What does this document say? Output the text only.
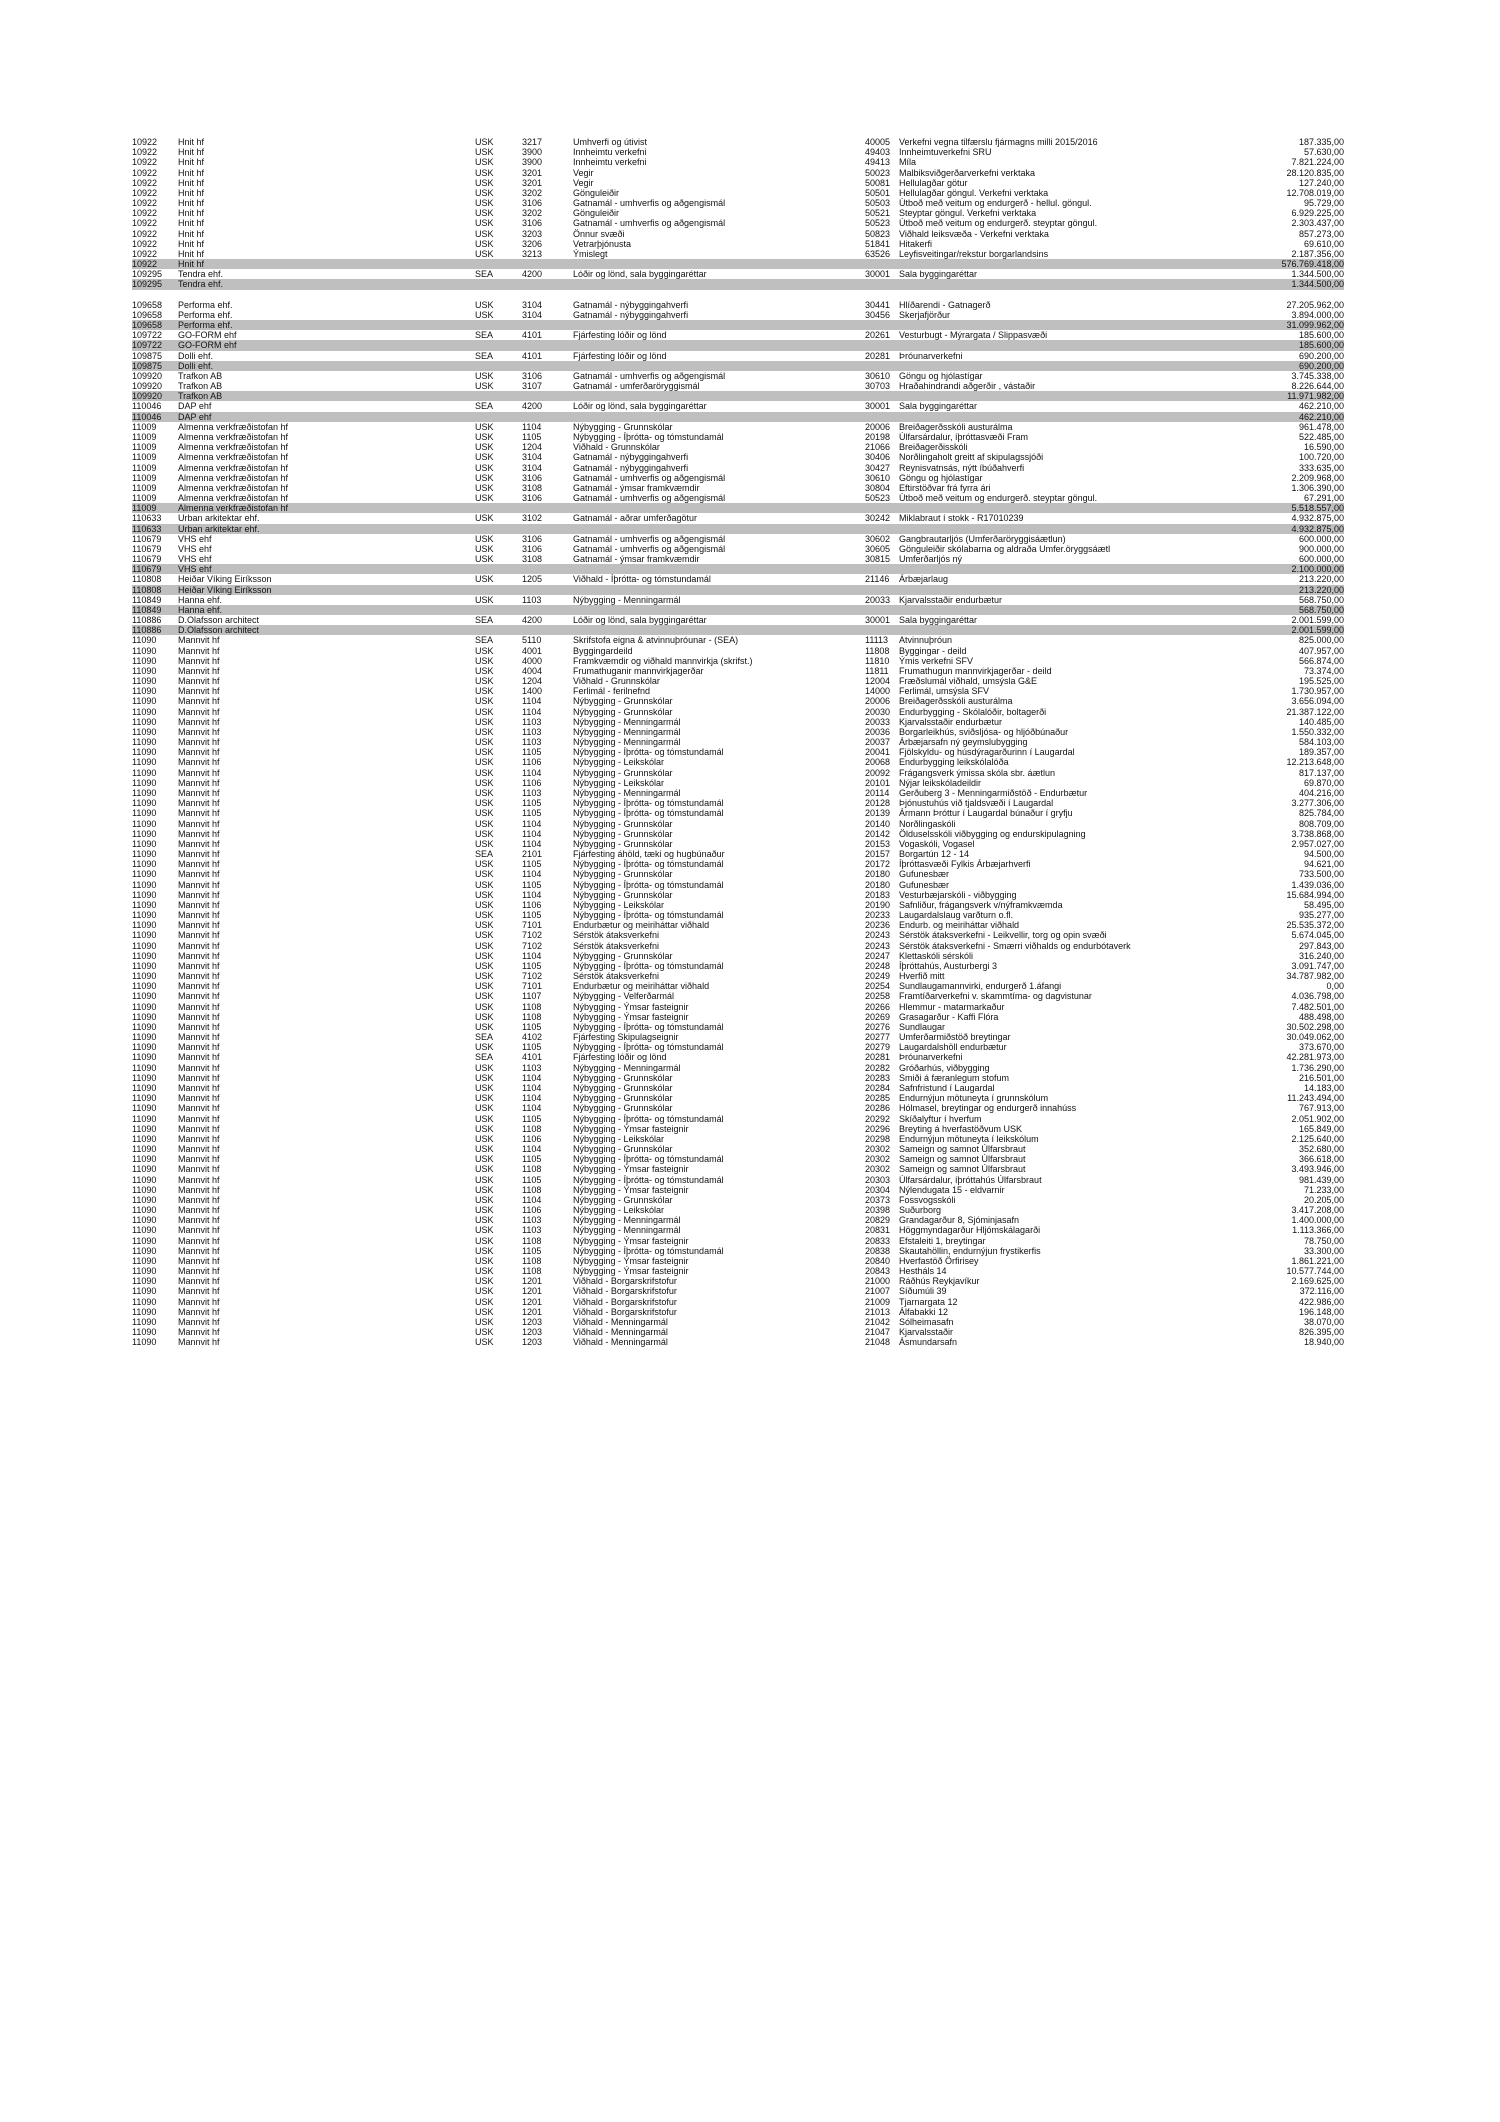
10922	Hnit hf	USK	3217	Umhverfi og útivist	40005 Verkefni vegna tilfærslu fjármagns milli 2015/2016	187.335,00
10922	Hnit hf	USK	3900	Innheimtu verkefni	49403 Innheimtuverkefni SRU	57.630,00
10922	Hnit hf	USK	3900	Innheimtu verkefni	49413 Míla	7.821.224,00
10922	Hnit hf	USK	3201	Vegir	50023 Malbiksviðgerðarverkefni verktaka	28.120.835,00
10922	Hnit hf	USK	3201	Vegir	50081 Hellulagðar götur	127.240,00
10922	Hnit hf	USK	3202	Gönguleiðir	50501 Hellulagðar göngul. Verkefni verktaka	12.708.019,00
10922	Hnit hf	USK	3106	Gatnamál - umhverfis og aðgengismál	50503 Útboð með veitum og endurgerð - hellul. göngul.	95.729,00
10922	Hnit hf	USK	3202	Gönguleiðir	50521 Steyptar göngul. Verkefni verktaka	6.929.225,00
10922	Hnit hf	USK	3106	Gatnamál - umhverfis og aðgengismál	50523 Útboð með veitum og endurgerð. steyptar göngul.	2.303.437,00
10922	Hnit hf	USK	3203	Önnur svæði	50823 Viðhald leiksvæða - Verkefni verktaka	857.273,00
10922	Hnit hf	USK	3206	Vetrarþjónusta	51841 Hitakerfi	69.610,00
10922	Hnit hf	USK	3213	Ýmislegt	63526 Leyfisveitingar/rekstur borgarlandsins	2.187.356,00
10922	Hnit hf	576.769.418,00
109295	Tendra ehf.	SEA	4200	Lóðir og lönd, sala byggingaréttar	30001 Sala byggingaréttar	1.344.500,00
109295	Tendra ehf.	1.344.500,00
109658	Performa ehf.	USK	3104	Gatnamál - nýbyggingahverfi	30441 Hlíðarendi - Gatnagerð	27.205.962,00
109658	Performa ehf.	USK	3104	Gatnamál - nýbyggingahverfi	30456 Skerjafjörður	3.894.000,00
109658	Performa ehf.	31.099.962,00
109722	GO-FORM ehf	SEA	4101	Fjárfesting lóðir og lönd	20261 Vesturbugt - Mýrargata / Slippasvæði	185.600,00
109722	GO-FORM ehf	185.600,00
109875	Dolli ehf.	SEA	4101	Fjárfesting lóðir og lönd	20281 Þróunarverkefni	690.200,00
109875	Dolli ehf.	690.200,00
109920	Trafkon AB	USK	3106	Gatnamál - umhverfis og aðgengismál	30610 Göngu og hjólastígar	3.745.338,00
109920	Trafkon AB	USK	3107	Gatnamál - umferðaröryggismál	30703 Hraðahindrandi aðgerðir , vástaðir	8.226.644,00
109920	Trafkon AB	11.971.982,00
110046	DAP ehf	SEA	4200	Lóðir og lönd, sala byggingaréttar	30001 Sala byggingaréttar	462.210,00
110046	DAP ehf	462.210,00
11009	Almenna verkfræðistofan hf	USK	1104	Nýbygging - Grunnskólar	20006 Breiðagerðsskóli austurálma	961.478,00
11009	Almenna verkfræðistofan hf	USK	1105	Nýbygging - Íþrótta- og tómstundamál	20198 Úlfarsárdalur, íþróttasvæði Fram	522.485,00
11009	Almenna verkfræðistofan hf	USK	1204	Viðhald - Grunnskólar	21066 Breiðagerðisskóli	16.590,00
11009	Almenna verkfræðistofan hf	USK	3104	Gatnamál - nýbyggingahverfi	30406 Norðlingaholt greitt af skipulagssjóði	100.720,00
11009	Almenna verkfræðistofan hf	USK	3104	Gatnamál - nýbyggingahverfi	30427 Reynisvatnsás, nýtt íbúðahverfi	333.635,00
11009	Almenna verkfræðistofan hf	USK	3106	Gatnamál - umhverfis og aðgengismál	30610 Göngu og hjólastígar	2.209.968,00
11009	Almenna verkfræðistofan hf	USK	3108	Gatnamál - ýmsar framkvæmdir	30804 Eftirstöðvar frá fyrra ári	1.306.390,00
11009	Almenna verkfræðistofan hf	USK	3106	Gatnamál - umhverfis og aðgengismál	50523 Útboð með veitum og endurgerð. steyptar göngul.	67.291,00
11009	Almenna verkfræðistofan hf	5.518.557,00
110633	Urban arkitektar ehf.	USK	3102	Gatnamál - aðrar umferðagötur	30242 Miklabraut í stokk - R17010239	4.932.875,00
110633	Urban arkitektar ehf.	4.932.875,00
110679	VHS ehf	USK	3106	Gatnamál - umhverfis og aðgengismál	30602 Gangbrautarljós (Umferðaröryggisáætlun)	600.000,00
110679	VHS ehf	USK	3106	Gatnamál - umhverfis og aðgengismál	30605 Gönguleiðir skólabarna og aldraða Umfer.öryggsáætl	900.000,00
110679	VHS ehf	USK	3108	Gatnamál - ýmsar framkvæmdir	30815 Umferðarljós ný	600.000,00
110679	VHS ehf	2.100.000,00
110808	Heiðar Víking Eiríksson	USK	1205	Viðhald - Íþrótta- og tómstundamál	21146	Árbæjarlaug	213.220,00
110808	Heiðar Víking Eiríksson	213.220,00
110849	Hanna ehf.	USK	1103	Nýbygging - Menningarmál	20033 Kjarvalsstaðir endurbætur	568.750,00
110849	Hanna ehf.	568.750,00
110886	D.Olafsson architect	SEA	4200	Lóðir og lönd, sala byggingaréttar	30001 Sala byggingaréttar	2.001.599,00
110886	D.Olafsson architect	2.001.599,00
11090	Mannvit hf	SEA	5110	Skrifstofa eigna & atvinnuþróunar - (SEA)	11113	Atvinnuþróun	825.000,00
11090	Mannvit hf	USK	4001	Byggingardeild	11808	Byggingar - deild	407.957,00
11090	Mannvit hf	USK	4000	Framkvæmdir og viðhald mannvirkja (skrifst.)	11810	Ýmis verkefni SFV	566.874,00
11090	Mannvit hf	USK	4004	Frumathuganir mannvirkjagerðar	11811	Frumathugun mannvirkjagerðar - deild	73.374,00
11090	Mannvit hf	USK	1204	Viðhald - Grunnskólar	12004 Fræðslumál viðhald, umsýsla G&E	195.525,00
11090	Mannvit hf	USK	1400	Ferlimál - ferilnefnd	14000 Ferlimál, umsýsla SFV	1.730.957,00
11090	Mannvit hf	USK	1104	Nýbygging - Grunnskólar	20006 Breiðagerðsskóli austurálma	3.656.094,00
11090	Mannvit hf	USK	1104	Nýbygging - Grunnskólar	20030 Endurbygging - Skólalóðir, boltagerði	21.387.122,00
11090	Mannvit hf	USK	1103	Nýbygging - Menningarmál	20033 Kjarvalsstaðir endurbætur	140.485,00
11090	Mannvit hf	USK	1103	Nýbygging - Menningarmál	20036 Borgarleikhús, sviðsljósa- og hljóðbúnaður	1.550.332,00
11090	Mannvit hf	USK	1103	Nýbygging - Menningarmál	20037 Árbæjarsafn ný geymslubygging	584.103,00
11090	Mannvit hf	USK	1105	Nýbygging - Íþrótta- og tómstundamál	20041 Fjölskyldu- og húsdýragarðurinn í Laugardal	189.357,00
11090	Mannvit hf	USK	1106	Nýbygging - Leikskólar	20068 Endurbygging leikskólalóða	12.213.648,00
11090	Mannvit hf	USK	1104	Nýbygging - Grunnskólar	20092 Frágangsverk ýmissa skóla sbr. áætlun	817.137,00
11090	Mannvit hf	USK	1106	Nýbygging - Leikskólar	20101 Nýjar leikskóladeildir	69.870,00
11090	Mannvit hf	USK	1103	Nýbygging - Menningarmál	20114	Gerðuberg 3 - Menningarmiðstöð - Endurbætur	404.216,00
11090	Mannvit hf	USK	1105	Nýbygging - Íþrótta- og tómstundamál	20128 Þjónustuhús við tjaldsvæði í Laugardal	3.277.306,00
11090	Mannvit hf	USK	1105	Nýbygging - Íþrótta- og tómstundamál	20139 Ármann Þróttur í Laugardal búnaður í gryfju	825.784,00
11090	Mannvit hf	USK	1104	Nýbygging - Grunnskólar	20140 Norðlingaskóli	808.709,00
11090	Mannvit hf	USK	1104	Nýbygging - Grunnskólar	20142 Ölduselsskóli viðbygging og endurskipulagning	3.738.868,00
11090	Mannvit hf	USK	1104	Nýbygging - Grunnskólar	20153 Vogaskóli, Vogasel	2.957.027,00
11090	Mannvit hf	SEA	2101	Fjárfesting áhöld, tæki og hugbúnaður	20157 Borgartún 12 - 14	94.500,00
11090	Mannvit hf	USK	1105	Nýbygging - Íþrótta- og tómstundamál	20172 Íþróttasvæði Fylkis Árbæjarhverfi	94.621,00
11090	Mannvit hf	USK	1104	Nýbygging - Grunnskólar	20180 Gufunesbær	733.500,00
11090	Mannvit hf	USK	1105	Nýbygging - Íþrótta- og tómstundamál	20180 Gufunesbær	1.439.036,00
11090	Mannvit hf	USK	1104	Nýbygging - Grunnskólar	20183 Vesturbæjarskóli - viðbygging	15.684.994,00
11090	Mannvit hf	USK	1106	Nýbygging - Leikskólar	20190 Safnliður, frágangsverk v/nýframkvæmda	58.495,00
11090	Mannvit hf	USK	1105	Nýbygging - Íþrótta- og tómstundamál	20233 Laugardalslaug varðturn o.fl.	935.277,00
11090	Mannvit hf	USK	7101	Endurbætur og meiriháttar viðhald	20236 Endurb. og meiriháttar viðhald	25.535.372,00
11090	Mannvit hf	USK	7102	Sérstök átaksverkefni	20243 Sérstök átaksverkefni - Leikvellir, torg og opin svæði	5.674.045,00
11090	Mannvit hf	USK	7102	Sérstök átaksverkefni	20243 Sérstök átaksverkefni - Smærri viðhalds og endurbótaverk	297.843,00
11090	Mannvit hf	USK	1104	Nýbygging - Grunnskólar	20247 Klettaskóli sérskóli	316.240,00
11090	Mannvit hf	USK	1105	Nýbygging - Íþrótta- og tómstundamál	20248 Íþróttahús, Austurbergi 3	3.091.747,00
11090	Mannvit hf	USK	7102	Sérstök átaksverkefni	20249 Hverfið mitt	34.787.982,00
11090	Mannvit hf	USK	7101	Endurbætur og meiriháttar viðhald	20254 Sundlaugamannvirki, endurgerð 1.áfangi	0,00
11090	Mannvit hf	USK	1107	Nýbygging - Velferðarmál	20258 Framtíðarverkefni v. skammtíma- og dagvistunar	4.036.798,00
11090	Mannvit hf	USK	1108	Nýbygging - Ýmsar fasteignir	20266 Hlemmur - matarmarkaður	7.482.501,00
11090	Mannvit hf	USK	1108	Nýbygging - Ýmsar fasteignir	20269 Grasagarður - Kaffi Flóra	488.498,00
11090	Mannvit hf	USK	1105	Nýbygging - Íþrótta- og tómstundamál	20276 Sundlaugar	30.502.298,00
11090	Mannvit hf	SEA	4102	Fjárfesting Skipulagseignir	20277 Umferðarmiðstöð breytingar	30.049.062,00
11090	Mannvit hf	USK	1105	Nýbygging - Íþrótta- og tómstundamál	20279 Laugardalshöll endurbætur	373.670,00
11090	Mannvit hf	SEA	4101	Fjárfesting lóðir og lönd	20281 Þróunarverkefni	42.281.973,00
11090	Mannvit hf	USK	1103	Nýbygging - Menningarmál	20282 Gróðarhús, viðbygging	1.736.290,00
11090	Mannvit hf	USK	1104	Nýbygging - Grunnskólar	20283 Smiði á færanlegum stofum	216.501,00
11090	Mannvit hf	USK	1104	Nýbygging - Grunnskólar	20284 Safnfristund í Laugardal	14.183,00
11090	Mannvit hf	USK	1104	Nýbygging - Grunnskólar	20285 Endurnýjun mötuneyta í grunnskólum	11.243.494,00
11090	Mannvit hf	USK	1104	Nýbygging - Grunnskólar	20286 Hólmasel, breytingar og endurgerð innahúss	767.913,00
11090	Mannvit hf	USK	1105	Nýbygging - Íþrótta- og tómstundamál	20292 Skíðalyftur í hverfum	2.051.902,00
11090	Mannvit hf	USK	1108	Nýbygging - Ýmsar fasteignir	20296 Breyting á hverfastöðvum USK	165.849,00
11090	Mannvit hf	USK	1106	Nýbygging - Leikskólar	20298 Endurnýjun mötuneyta í leikskólum	2.125.640,00
11090	Mannvit hf	USK	1104	Nýbygging - Grunnskólar	20302 Sameign og samnot Úlfarsbraut	352.680,00
11090	Mannvit hf	USK	1105	Nýbygging - Íþrótta- og tómstundamál	20302 Sameign og samnot Úlfarsbraut	366.618,00
11090	Mannvit hf	USK	1108	Nýbygging - Ýmsar fasteignir	20302 Sameign og samnot Úlfarsbraut	3.493.946,00
11090	Mannvit hf	USK	1105	Nýbygging - Íþrótta- og tómstundamál	20303 Úlfarsárdalur, íþróttahús Úlfarsbraut	981.439,00
11090	Mannvit hf	USK	1108	Nýbygging - Ýmsar fasteignir	20304 Nýlendugata 15 - eldvarnir	71.233,00
11090	Mannvit hf	USK	1104	Nýbygging - Grunnskólar	20373 Fossvogsskóli	20.205,00
11090	Mannvit hf	USK	1106	Nýbygging - Leikskólar	20398 Suðurborg	3.417.208,00
11090	Mannvit hf	USK	1103	Nýbygging - Menningarmál	20829 Grandagarður 8, Sjóminjasafn	1.400.000,00
11090	Mannvit hf	USK	1103	Nýbygging - Menningarmál	20831 Höggmyndagarður Hljómskálagarði	1.113.366,00
11090	Mannvit hf	USK	1108	Nýbygging - Ýmsar fasteignir	20833 Efstaleiti 1, breytingar	78.750,00
11090	Mannvit hf	USK	1105	Nýbygging - Íþrótta- og tómstundamál	20838 Skautahöllin, endurnýjun frystikerfis	33.300,00
11090	Mannvit hf	USK	1108	Nýbygging - Ýmsar fasteignir	20840 Hverfastöð Örfirisey	1.861.221,00
11090	Mannvit hf	USK	1108	Nýbygging - Ýmsar fasteignir	20843 Hestháls 14	10.577.744,00
11090	Mannvit hf	USK	1201	Viðhald - Borgarskrifstofur	21000 Ráðhús Reykjavíkur	2.169.625,00
11090	Mannvit hf	USK	1201	Viðhald - Borgarskrifstofur	21007 Síðumúli 39	372.116,00
11090	Mannvit hf	USK	1201	Viðhald - Borgarskrifstofur	21009 Tjarnargata 12	422.986,00
11090	Mannvit hf	USK	1201	Viðhald - Borgarskrifstofur	21013 Álfabakki 12	196.148,00
11090	Mannvit hf	USK	1203	Viðhald - Menningarmál	21042 Sólheimasafn	38.070,00
11090	Mannvit hf	USK	1203	Viðhald - Menningarmál	21047 Kjarvalsstaðir	826.395,00
11090	Mannvit hf	USK	1203	Viðhald - Menningarmál	21048 Ásmundarsafn	18.940,00
